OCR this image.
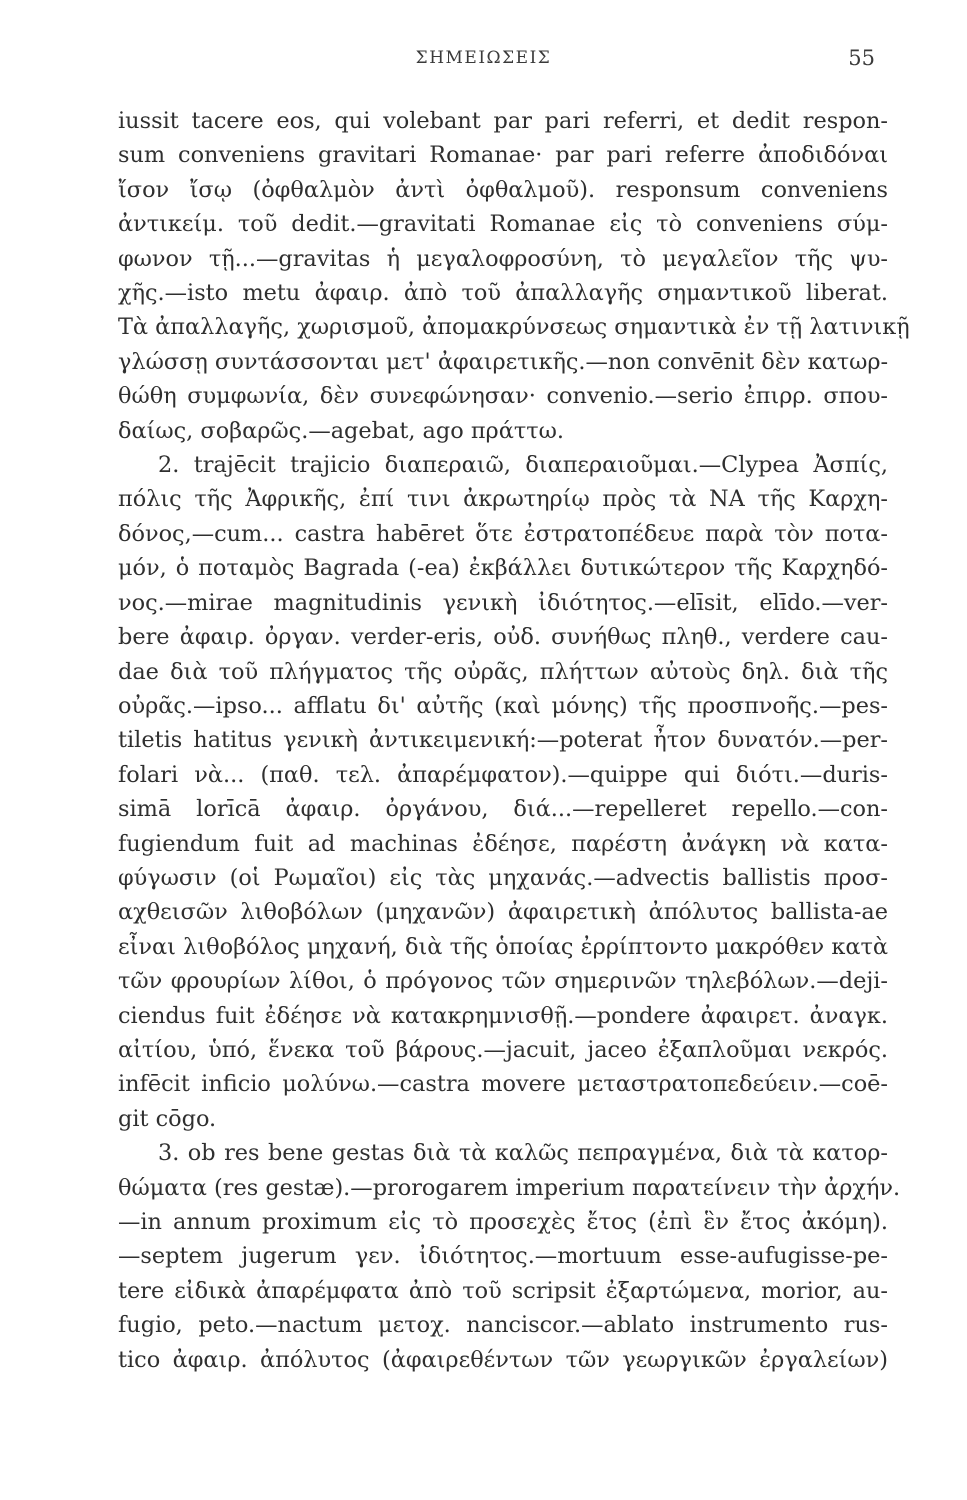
ΣΗΜΕΙΩΣΕΙΣ	55
iussit tacere eos, qui volebant par pari referri, et dedit respon-
sum conveniens gravitari Romanae· par pari referre ἀποδιδόναι
ἴσον ἴσῳ (ὀφθαλμὸν ἀντὶ ὀφθαλμοῦ). responsum conveniens
ἀντικείμ. τοῦ dedit.—gravitati Romanae εἰς τὸ conveniens σύμ-
φωνον τῇ...—gravitas ἡ μεγαλοφροσύνη, τὸ μεγαλεῖον τῆς ψυ-
χῆς.—isto metu ἀφαιρ. ἀπὸ τοῦ ἀπαλλαγῆς σημαντικοῦ liberat.
Τὰ ἀπαλλαγῆς, χωρισμοῦ, ἀπομακρύνσεως σημαντικὰ ἐν τῇ λατινικῇ
γλώσσῃ συντάσσονται μετ' ἀφαιρετικῆς.—non convēnit δὲν κατωρ-
θώθη συμφωνία, δὲν συνεφώνησαν· convenio.—serio ἐπιρρ. σπου-
δαίως, σοβαρῶς.—agebat, ago πράττω.
2. trajēcit trajicio διαπεραιῶ, διαπεραιοῦμαι.—Clypea Ἀσπίς,
πόλις τῆς Ἀφρικῆς, ἐπί τινι ἀκρωτηρίῳ πρὸς τὰ ΝΑ τῆς Καρχη-
δόνος,—cum... castra habēret ὅτε ἐστρατοπέδευε παρὰ τὸν ποτα-
μόν, ὁ ποταμὸς Bagrada (-ea) ἐκβάλλει δυτικώτερον τῆς Καρχηδό-
νος.—mirae magnitudinis γενικὴ ἰδιότητος.—elīsit, elīdo.—ver-
bere ἀφαιρ. ὀργαν. verder-eris, οὐδ. συνήθως πληθ., verdere cau-
dae διὰ τοῦ πλήγματος τῆς οὐρᾶς, πλήττων αὐτοὺς δηλ. διὰ τῆς
οὐρᾶς.—ipso... afflatu δι' αὐτῆς (καὶ μόνης) τῆς προσπνοῆς.—pes-
tiletis hatitus γενικὴ ἀντικειμενική:—poterat ἦτον δυνατόν.—per-
folari νὰ... (παθ. τελ. ἀπαρέμφατον).—quippe qui διότι.—duris-
simā lorīcā ἀφαιρ. ὀργάνου, διά...—repelleret repello.—con-
fugiendum fuit ad machinas ἐδέησε, παρέστη ἀνάγκη νὰ κατα-
φύγωσιν (οἱ Ρωμαῖοι) εἰς τὰς μηχανάς.—advectis ballistis προσ-
αχθεισῶν λιθοβόλων (μηχανῶν) ἀφαιρετικὴ ἀπόλυτος ballista-ae
εἶναι λιθοβόλος μηχανή, διὰ τῆς ὁποίας ἐρρίπτοντο μακρόθεν κατὰ
τῶν φρουρίων λίθοι, ὁ πρόγονος τῶν σημερινῶν τηλεβόλων.—deji-
ciendus fuit ἐδέησε νὰ κατακρημνισθῇ.—pondere ἀφαιρετ. ἀναγκ.
αἰτίου, ὑπό, ἕνεκα τοῦ βάρους.—jacuit, jaceo ἐξαπλοῦμαι νεκρός.
infēcit inficio μολύνω.—castra movere μεταστρατοπεδεύειν.—coē-
git cōgo.
3. ob res bene gestas διὰ τὰ καλῶς πεπραγμένα, διὰ τὰ κατορ-
θώματα (res gestæ).—prorogarem imperium παρατείνειν τὴν ἀρχήν.
—in annum proximum εἰς τὸ προσεχὲς ἔτος (ἐπὶ ἓν ἔτος ἀκόμη).
—septem jugerum γεν. ἰδιότητος.—mortuum esse-aufugisse-pe-
tere εἰδικὰ ἀπαρέμφατα ἀπὸ τοῦ scripsit ἐξαρτώμενα, morior, au-
fugio, peto.—nactum μετοχ. nanciscor.—ablato instrumento rus-
tico ἀφαιρ. ἀπόλυτος (ἀφαιρεθέντων τῶν γεωργικῶν ἐργαλείων)
